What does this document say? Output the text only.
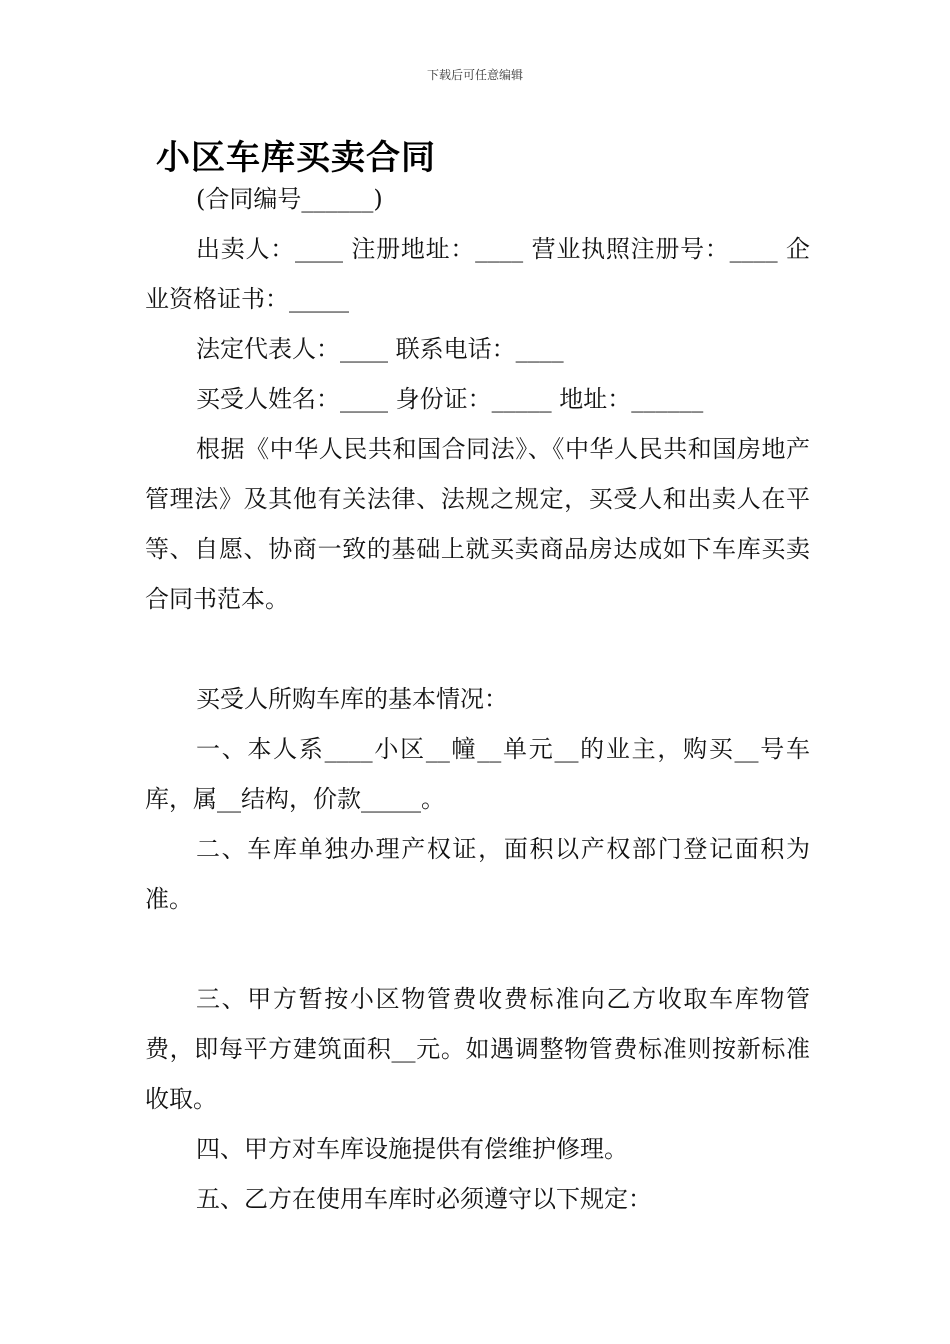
下载后可任意编辑
小区车库买卖合同

(合同编号______)

出卖人：____ 注册地址：____ 营业执照注册号：____ 企业资格证书：_____

法定代表人：____ 联系电话：____

买受人姓名：____ 身份证：_____ 地址：______

根据《中华人民共和国合同法》、《中华人民共和国房地产管理法》及其他有关法律、法规之规定，买受人和出卖人在平等、自愿、协商一致的基础上就买卖商品房达成如下车库买卖合同书范本。

买受人所购车库的基本情况：

一、本人系____小区__幢__单元__的业主，购买__号车库，属__结构，价款_____。

二、车库单独办理产权证，面积以产权部门登记面积为准。

三、甲方暂按小区物管费收费标准向乙方收取车库物管费，即每平方建筑面积__元。如遇调整物管费标准则按新标准收取。

四、甲方对车库设施提供有偿维护修理。

五、乙方在使用车库时必须遵守以下规定：
